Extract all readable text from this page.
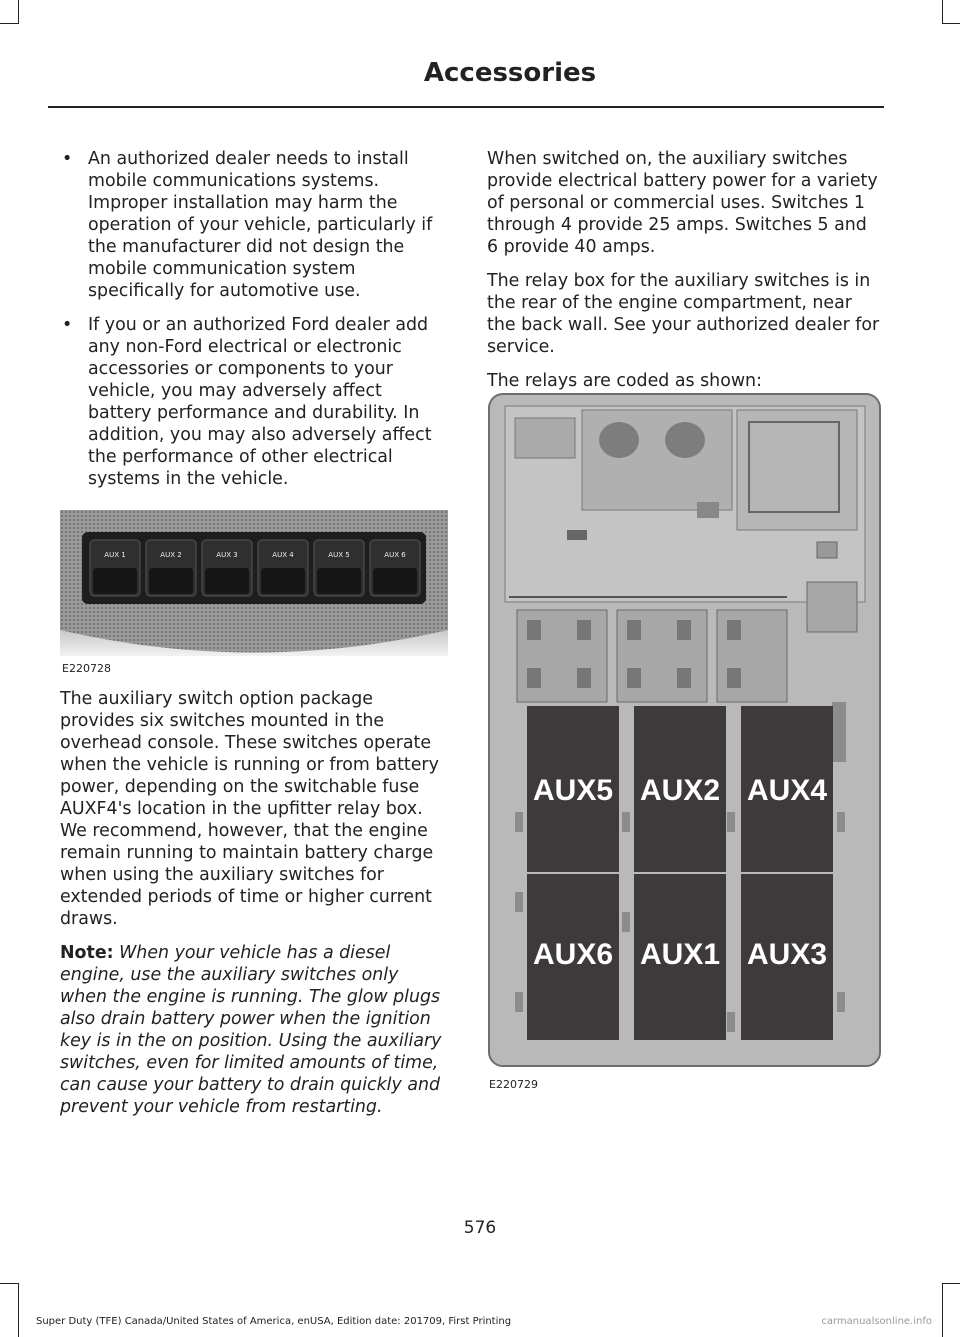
Accessories
• An authorized dealer needs to install mobile communications systems. Improper installation may harm the operation of your vehicle, particularly if the manufacturer did not design the mobile communication system specifically for automotive use.
• If you or an authorized Ford dealer add any non-Ford electrical or electronic accessories or components to your vehicle, you may adversely affect battery performance and durability. In addition, you may also adversely affect the performance of other electrical systems in the vehicle.
AUX 1	AUX 2	AUX 3	AUX 4	AUX 5	AUX 6
E220728

The auxiliary switch option package provides six switches mounted in the overhead console. These switches operate when the vehicle is running or from battery power, depending on the switchable fuse AUXF4's location in the upfitter relay box. We recommend, however, that the engine remain running to maintain battery charge when using the auxiliary switches for extended periods of time or higher current draws.

Note: When your vehicle has a diesel engine, use the auxiliary switches only when the engine is running. The glow plugs also drain battery power when the ignition key is in the on position. Using the auxiliary switches, even for limited amounts of time, can cause your battery to drain quickly and prevent your vehicle from restarting.

When switched on, the auxiliary switches provide electrical battery power for a variety of personal or commercial uses. Switches 1 through 4 provide 25 amps. Switches 5 and 6 provide 40 amps.

The relay box for the auxiliary switches is in the rear of the engine compartment, near the back wall. See your authorized dealer for service.

The relays are coded as shown:

AUX5 AUX2 AUX4
AUX6 AUX1 AUX3
E220729
576
Super Duty (TFE) Canada/United States of America, enUSA, Edition date: 201709, First Printing	carmanualsonline.info
